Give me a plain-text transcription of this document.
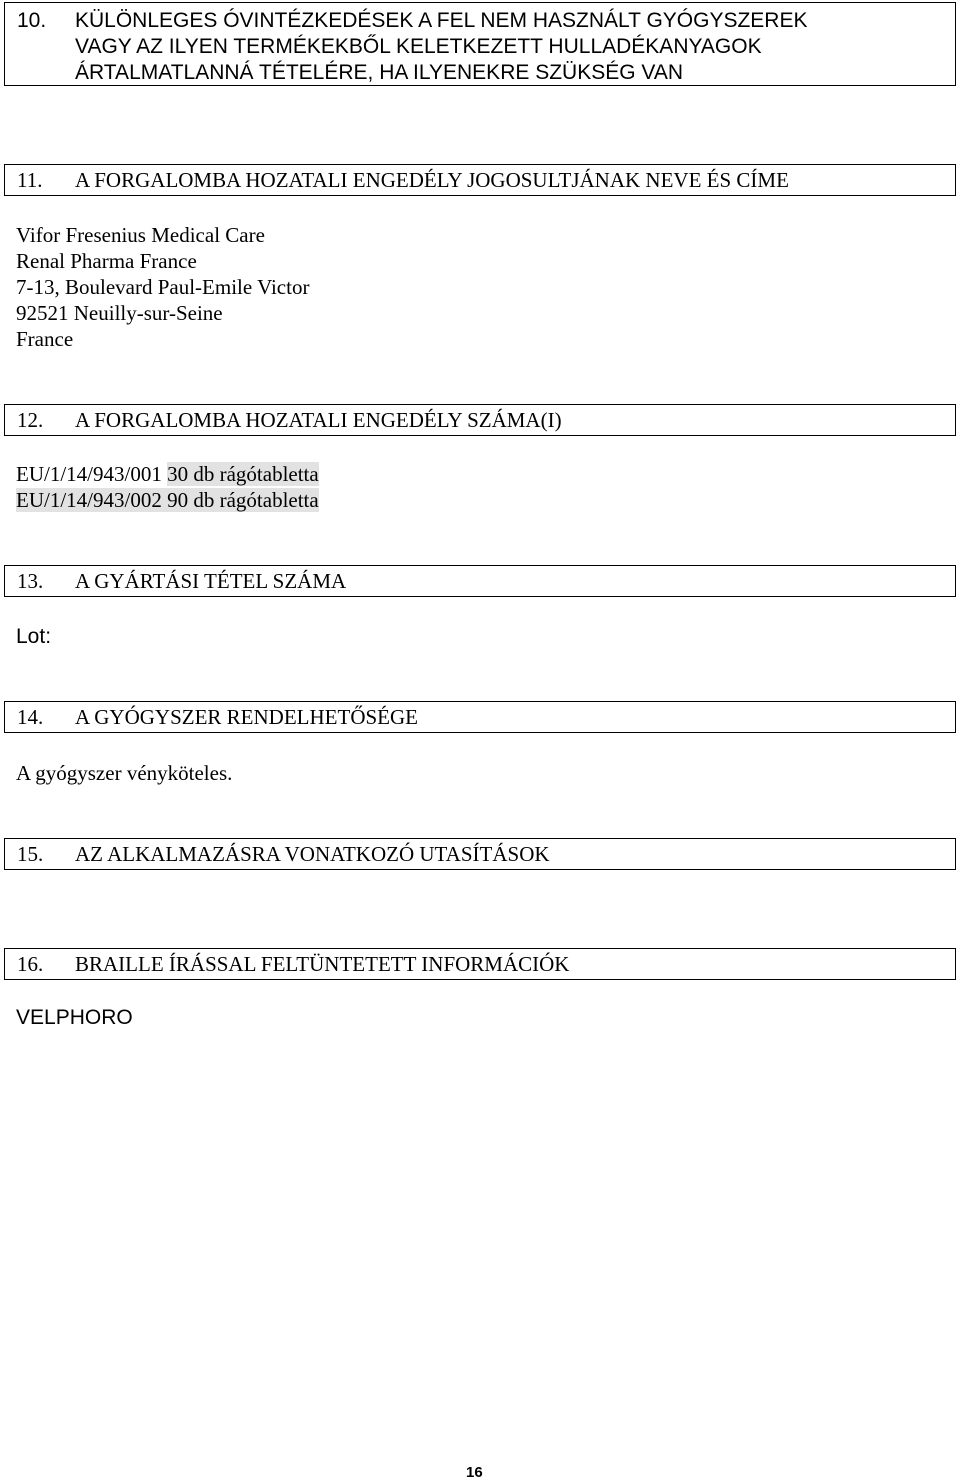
10. KÜLÖNLEGES ÓVINTÉZKEDÉSEK A FEL NEM HASZNÁLT GYÓGYSZEREK
VAGY AZ ILYEN TERMÉKEKBŐL KELETKEZETT HULLADÉKANYAGOK
ÁRTALMATLANNÁ TÉTELÉRE, HA ILYENEKRE SZÜKSÉG VAN
11. A FORGALOMBA HOZATALI ENGEDÉLY JOGOSULTJÁNAK NEVE ÉS CÍME
Vifor Fresenius Medical Care
Renal Pharma France
7-13, Boulevard Paul-Emile Victor
92521 Neuilly-sur-Seine
France
12. A FORGALOMBA HOZATALI ENGEDÉLY SZÁMA(I)
EU/1/14/943/001 30 db rágótabletta
EU/1/14/943/002 90 db rágótabletta
13. A GYÁRTÁSI TÉTEL SZÁMA
Lot:
14. A GYÓGYSZER RENDELHETŐSÉGE
A gyógyszer vényköteles.
15. AZ ALKALMAZÁSRA VONATKOZÓ UTASÍTÁSOK
16. BRAILLE ÍRÁSSAL FELTÜNTETETT INFORMÁCIÓK
VELPHORO
16
